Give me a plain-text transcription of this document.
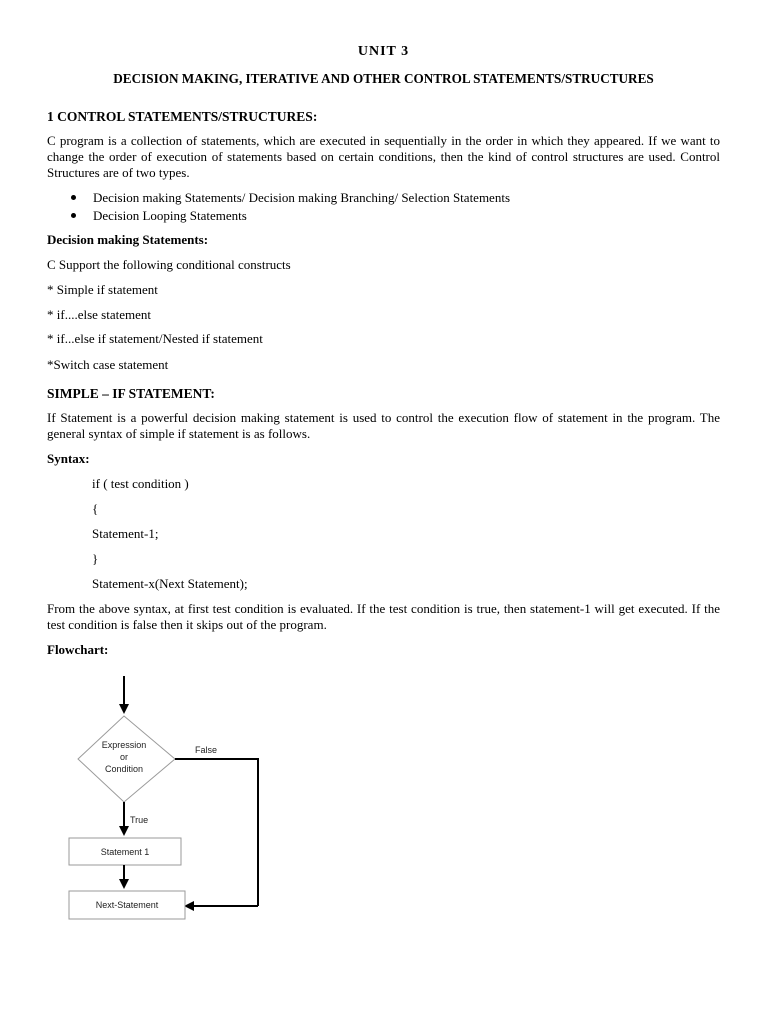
UNIT 3
DECISION MAKING, ITERATIVE AND OTHER CONTROL STATEMENTS/STRUCTURES
1 CONTROL STATEMENTS/STRUCTURES:
C program is a collection of statements, which are executed in sequentially in the order in which they appeared. If we want to change the order of execution of statements based on certain conditions, then the kind of control structures are used. Control Structures are of two types.
Decision making Statements/ Decision making Branching/ Selection Statements
Decision Looping Statements
Decision making Statements:
C Support the following conditional constructs
* Simple if statement
* if....else statement
* if...else if statement/Nested if statement
*Switch case statement
SIMPLE – IF STATEMENT:
If Statement is a powerful decision making statement is used to control the execution flow of statement in the program. The general syntax of simple if statement is as follows.
Syntax:
if ( test condition )
{
Statement-1;
}
Statement-x(Next Statement);
From the above syntax, at first test condition is evaluated. If the test condition is true, then statement-1 will get executed. If the test condition is false then it skips out of the program.
Flowchart:
Expression
or
Condition
False
True
Statement 1
Next-Statement
